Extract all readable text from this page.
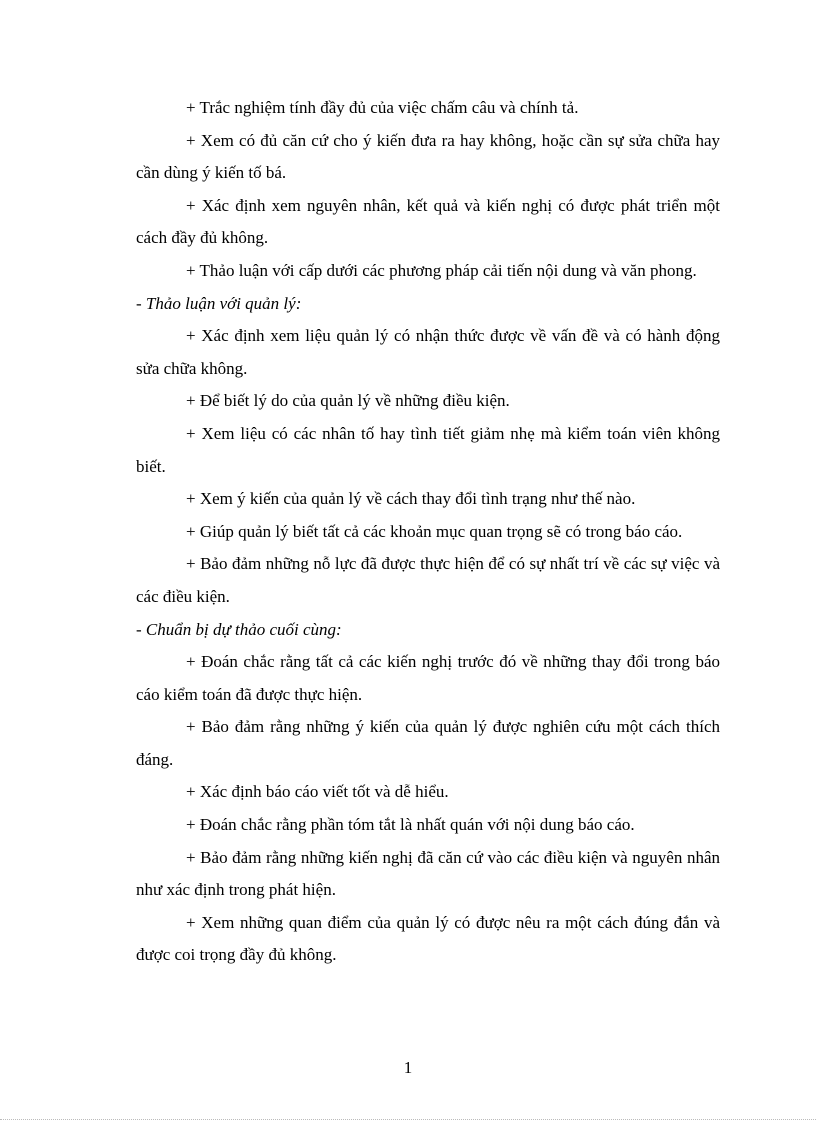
+ Trắc nghiệm tính đầy đủ của việc chấm câu và chính tả.

+ Xem có đủ căn cứ cho ý kiến đưa ra hay không, hoặc cần sự sửa chữa hay cần dùng ý kiến tố bá.

+ Xác định xem nguyên nhân, kết quả và kiến nghị có được phát triển một cách đầy đủ không.

+ Thảo luận với cấp dưới các phương pháp cải tiến nội dung và văn phong.

- Thảo luận với quản lý:

+ Xác định xem liệu quản lý có nhận thức được về vấn đề và có hành động sửa chữa không.

+ Để biết lý do của quản lý về những điều kiện.

+ Xem liệu có các nhân tố hay tình tiết giảm nhẹ mà kiểm toán viên không biết.

+ Xem ý kiến của quản lý về cách thay đổi tình trạng như thế nào.

+ Giúp quản lý biết tất cả các khoản mục quan trọng sẽ có trong báo cáo.

+ Bảo đảm những nỗ lực đã được thực hiện để có sự nhất trí về các sự việc và các điều kiện.

- Chuẩn bị dự thảo cuối cùng:

+ Đoán chắc rằng tất cả các kiến nghị trước đó về những thay đổi trong báo cáo kiểm toán đã được thực hiện.

+ Bảo đảm rằng những ý kiến của quản lý được nghiên cứu một cách thích đáng.

+ Xác định báo cáo viết tốt và dễ hiểu.

+ Đoán chắc rằng phần tóm tắt là nhất quán với nội dung báo cáo.

+ Bảo đảm rằng những kiến nghị đã căn cứ vào các điều kiện và nguyên nhân như xác định trong phát hiện.

+ Xem những quan điểm của quản lý có được nêu ra một cách đúng đắn và được coi trọng đầy đủ không.

1
